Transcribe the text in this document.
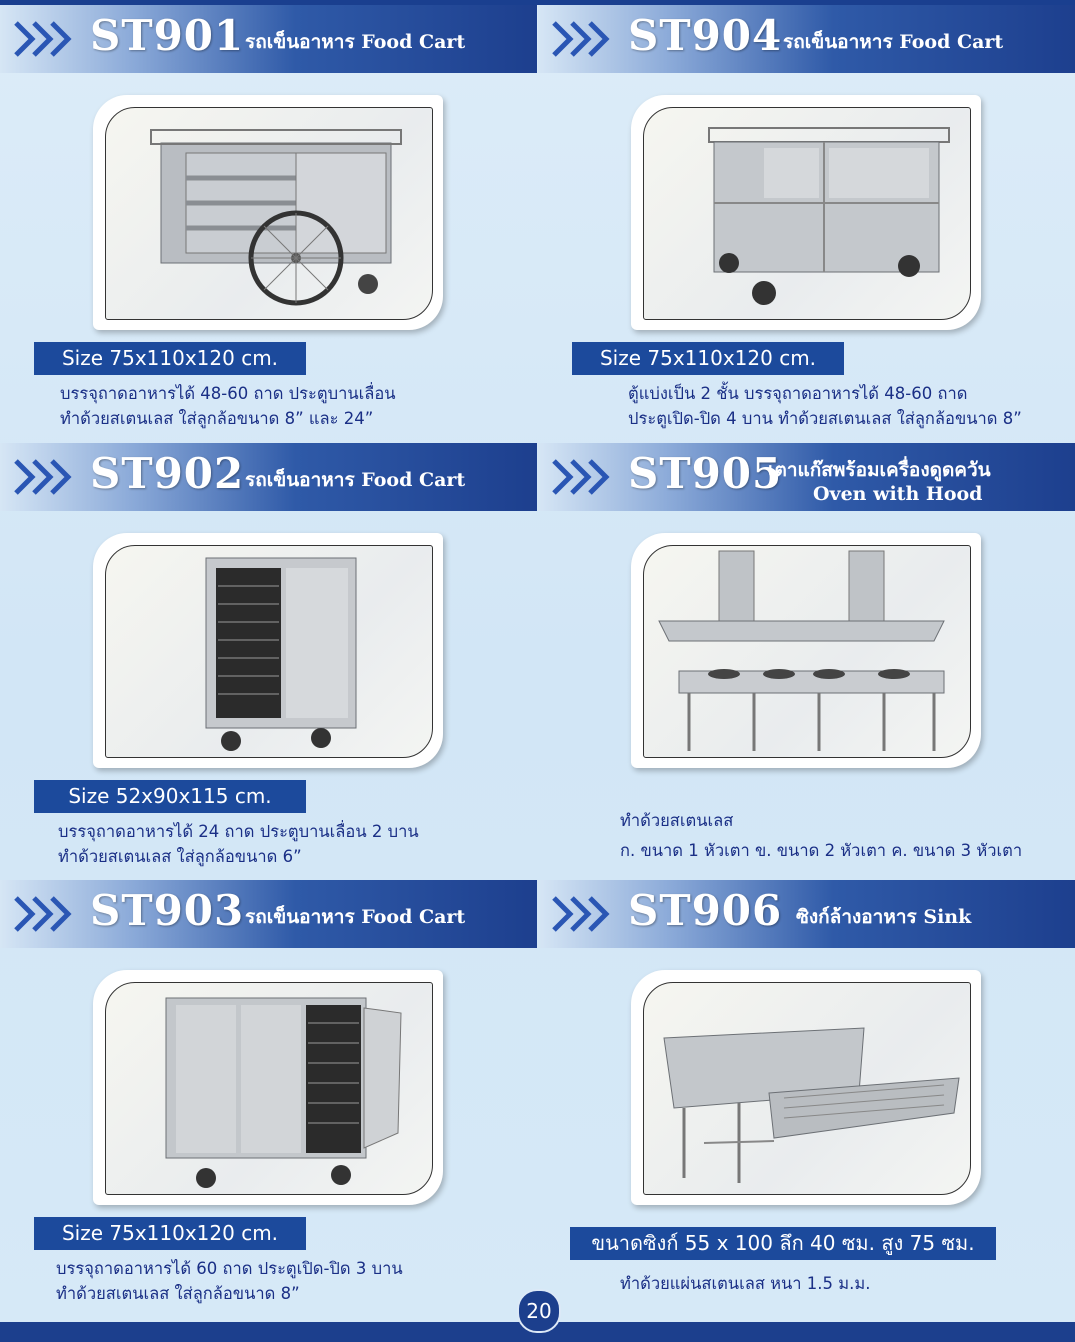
ST901 รถเข็นอาหาร Food Cart
Size 75x110x120 cm.
บรรจุถาดอาหารได้ 48-60 ถาด ประตูบานเลื่อน
ทำด้วยสเตนเลส ใส่ลูกล้อขนาด 8” และ 24”
ST904 รถเข็นอาหาร Food Cart
Size 75x110x120 cm.
ตู้แบ่งเป็น 2 ชั้น บรรจุถาดอาหารได้ 48-60 ถาด
ประตูเปิด-ปิด 4 บาน ทำด้วยสเตนเลส ใส่ลูกล้อขนาด 8”
ST902 รถเข็นอาหาร Food Cart
Size 52x90x115 cm.
บรรจุถาดอาหารได้ 24 ถาด ประตูบานเลื่อน 2 บาน
ทำด้วยสเตนเลส ใส่ลูกล้อขนาด 6”
ST905
เตาแก๊สพร้อมเครื่องดูดควัน
Oven with Hood
ทำด้วยสเตนเลส
ก. ขนาด 1 หัวเตา ข. ขนาด 2 หัวเตา ค. ขนาด 3 หัวเตา
ST903 รถเข็นอาหาร Food Cart
Size 75x110x120 cm.
บรรจุถาดอาหารได้ 60 ถาด ประตูเปิด-ปิด 3 บาน
ทำด้วยสเตนเลส ใส่ลูกล้อขนาด 8”
ST906 ซิงก์ล้างอาหาร Sink
ขนาดซิงก์ 55 x 100 ลึก 40 ซม. สูง 75 ซม.
ทำด้วยแผ่นสเตนเลส หนา 1.5 ม.ม.
20
